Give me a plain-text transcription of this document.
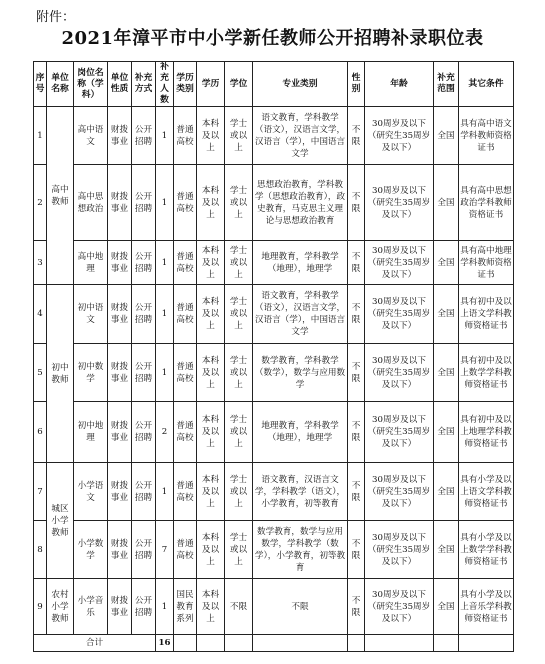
附件：
2021年漳平市中小学新任教师公开招聘补录职位表
序号	单位名称	岗位名称（学科）	单位性质	补充方式	补充人数	学历类别	学历	学位	专业类别	性别	年龄	补充范围	其它条件
1	高中教师	高中语文	财拨事业	公开招聘	1	普通高校	本科及以上	学士或以上	语文教育，学科教学（语文），汉语言文学，汉语言（学），中国语言文学	不限	30周岁及以下（研究生35周岁及以下）	全国	具有高中语文学科教师资格证书
2		高中思想政治	财拨事业	公开招聘	1	普通高校	本科及以上	学士或以上	思想政治教育，学科教学（思想政治教育），政史教育，马克思主义理论与思想政治教育	不限	30周岁及以下（研究生35周岁及以下）	全国	具有高中思想政治学科教师资格证书
3		高中地理	财拨事业	公开招聘	1	普通高校	本科及以上	学士或以上	地理教育，学科教学（地理），地理学	不限	30周岁及以下（研究生35周岁及以下）	全国	具有高中地理学科教师资格证书
4	初中教师	初中语文	财拨事业	公开招聘	1	普通高校	本科及以上	学士或以上	语文教育，学科教学（语文），汉语言文学，汉语言（学），中国语言文学	不限	30周岁及以下（研究生35周岁及以下）	全国	具有初中及以上语文学科教师资格证书
5		初中数学	财拨事业	公开招聘	1	普通高校	本科及以上	学士或以上	数学教育，学科教学（数学），数学与应用数学	不限	30周岁及以下（研究生35周岁及以下）	全国	具有初中及以上数学学科教师资格证书
6		初中地理	财拨事业	公开招聘	2	普通高校	本科及以上	学士或以上	地理教育，学科教学（地理），地理学	不限	30周岁及以下（研究生35周岁及以下）	全国	具有初中及以上地理学科教师资格证书
7	城区小学教师	小学语文	财拨事业	公开招聘	1	普通高校	本科及以上	学士或以上	语文教育，汉语言文学，学科教学（语文），小学教育，初等教育	不限	30周岁及以下（研究生35周岁及以下）	全国	具有小学及以上语文学科教师资格证书
8		小学数学	财拨事业	公开招聘	7	普通高校	本科及以上	学士或以上	数学教育，数学与应用数学，学科教学（数学），小学教育，初等教育	不限	30周岁及以下（研究生35周岁及以下）	全国	具有小学及以上数学学科教师资格证书
9	农村小学教师	小学音乐	财拨事业	公开招聘	1	国民教育系列	本科及以上	不限	不限	不限	30周岁及以下（研究生35周岁及以下）	全国	具有小学及以上音乐学科教师资格证书
合计					16								
